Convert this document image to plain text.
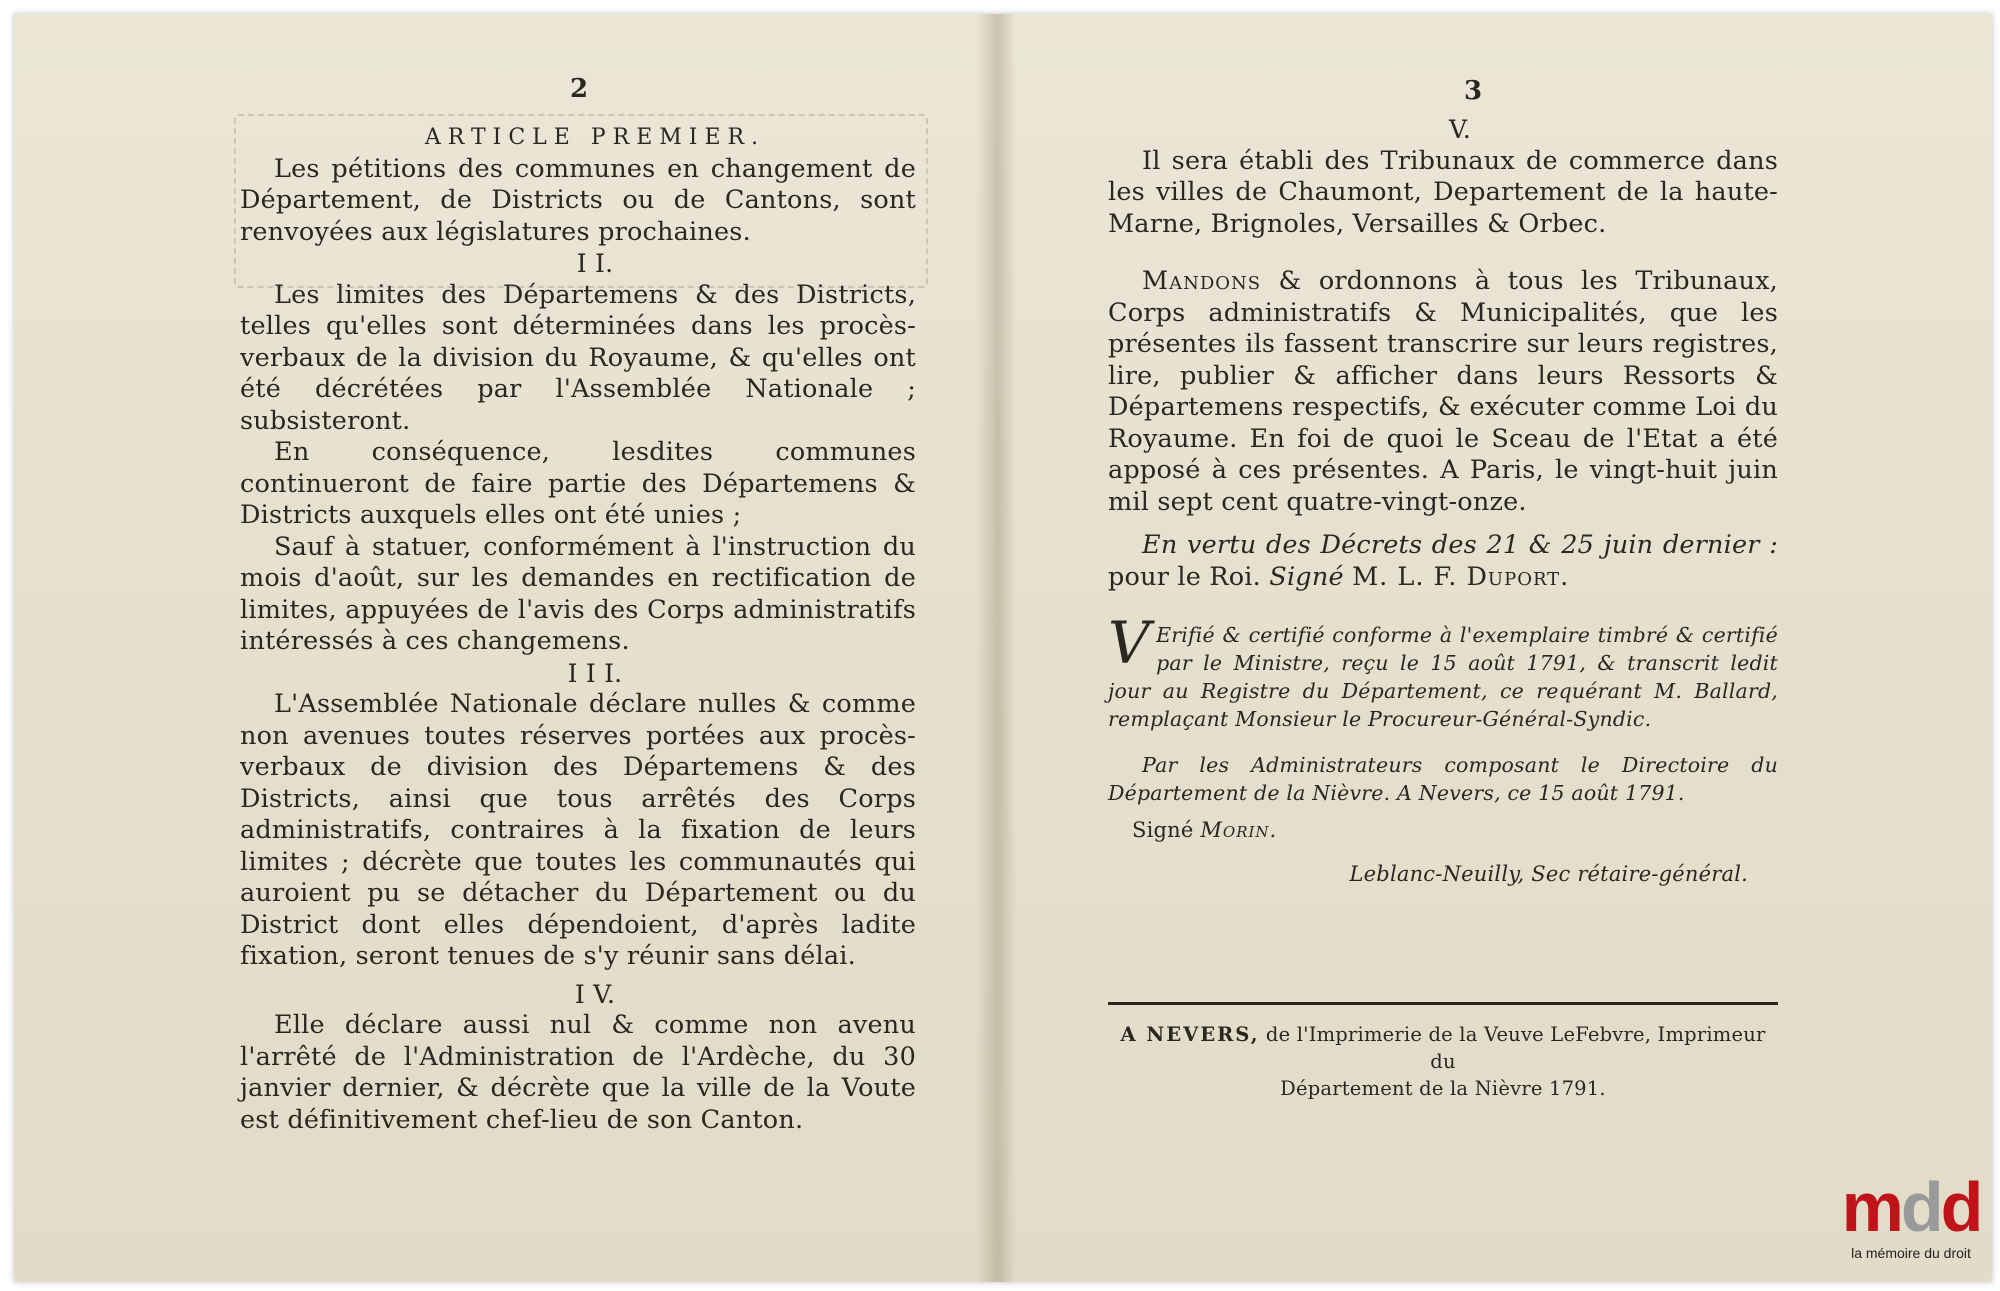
2

ARTICLE PREMIER.

Les pétitions des communes en changement de Département, de Districts ou de Cantons, sont renvoyées aux législatures prochaines.

I I.

Les limites des Départemens & des Districts, telles qu'elles sont déterminées dans les procès-verbaux de la division du Royaume, & qu'elles ont été décrétées par l'Assemblée Nationale ; subsisteront.

En conséquence, lesdites communes continueront de faire partie des Départemens & Districts auxquels elles ont été unies ;

Sauf à statuer, conformément à l'instruction du mois d'août, sur les demandes en rectification de limites, appuyées de l'avis des Corps administratifs intéressés à ces changemens.

I I I.

L'Assemblée Nationale déclare nulles & comme non avenues toutes réserves portées aux procès-verbaux de division des Départemens & des Districts, ainsi que tous arrêtés des Corps administratifs, contraires à la fixation de leurs limites ; décrète que toutes les communautés qui auroient pu se détacher du Département ou du District dont elles dépendoient, d'après ladite fixation, seront tenues de s'y réunir sans délai.

I V.

Elle déclare aussi nul & comme non avenu l'arrêté de l'Administration de l'Ardèche, du 30 janvier dernier, & décrète que la ville de la Voute est définitivement chef-lieu de son Canton.

3

V.

Il sera établi des Tribunaux de commerce dans les villes de Chaumont, Departement de la haute-Marne, Brignoles, Versailles & Orbec.

Mandons & ordonnons à tous les Tribunaux, Corps administratifs & Municipalités, que les présentes ils fassent transcrire sur leurs registres, lire, publier & afficher dans leurs Ressorts & Départemens respectifs, & exécuter comme Loi du Royaume. En foi de quoi le Sceau de l'Etat a été apposé à ces présentes. A Paris, le vingt-huit juin mil sept cent quatre-vingt-onze.

En vertu des Décrets des 21 & 25 juin dernier : pour le Roi. Signé M. L. F. Duport.

V Erifié & certifié conforme à l'exemplaire timbré & certifié par le Ministre, reçu le 15 août 1791, & transcrit ledit jour au Registre du Département, ce requérant M. Ballard, remplaçant Monsieur le Procureur-Général-Syndic.

Par les Administrateurs composant le Directoire du Département de la Nièvre. A Nevers, ce 15 août 1791.

Signé Morin.

Leblanc-Neuilly, Sec rétaire-général.

A NEVERS, de l'Imprimerie de la Veuve LeFebvre, Imprimeur du
Département de la Nièvre 1791.
mdd
la mémoire du droit
